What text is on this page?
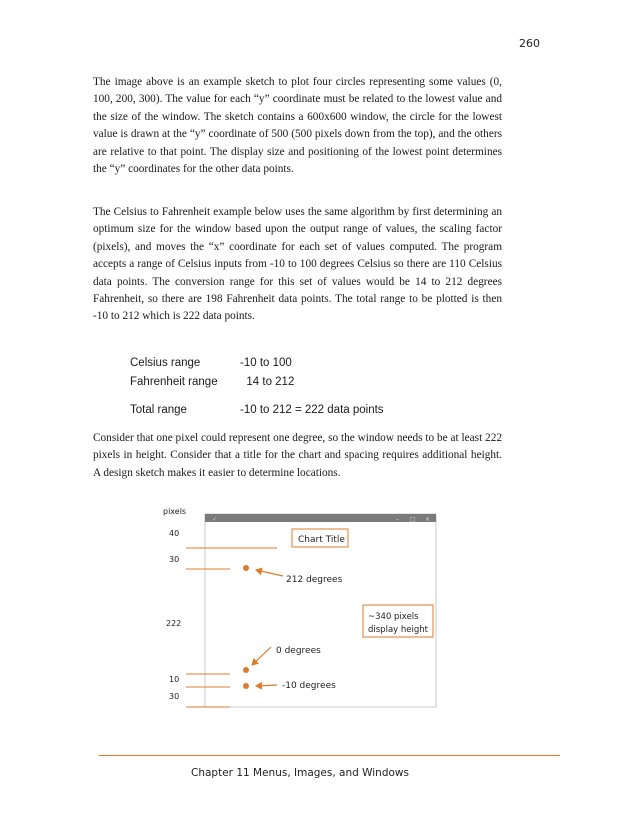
260

The image above is an example sketch to plot four circles representing some values (0, 100, 200, 300). The value for each “y” coordinate must be related to the lowest value and the size of the window. The sketch contains a 600x600 window, the circle for the lowest value is drawn at the “y” coordinate of 500 (500 pixels down from the top), and the others are relative to that point. The display size and positioning of the lowest point determines the “y” coordinates for the other data points.

The Celsius to Fahrenheit example below uses the same algorithm by first determining an optimum size for the window based upon the output range of values, the scaling factor (pixels), and moves the “x” coordinate for each set of values computed. The program accepts a range of Celsius inputs from -10 to 100 degrees Celsius so there are 110 Celsius data points. The conversion range for this set of values would be 14 to 212 degrees Fahrenheit, so there are 198 Fahrenheit data points. The total range to be plotted is then -10 to 212 which is 222 data points.

Celsius range	-10 to 100
Fahrenheit range 14 to 212
Total range	-10 to 212 = 222 data points

Consider that one pixel could represent one degree, so the window needs to be at least 222 pixels in height. Consider that a title for the chart and spacing requires additional height. A design sketch makes it easier to determine locations.

pixels
40
30
222
10
30
✓	– □ ×
Chart Title
212 degrees
0 degrees
-10 degrees
~340 pixels
display height
Chapter 11 Menus, Images, and Windows
